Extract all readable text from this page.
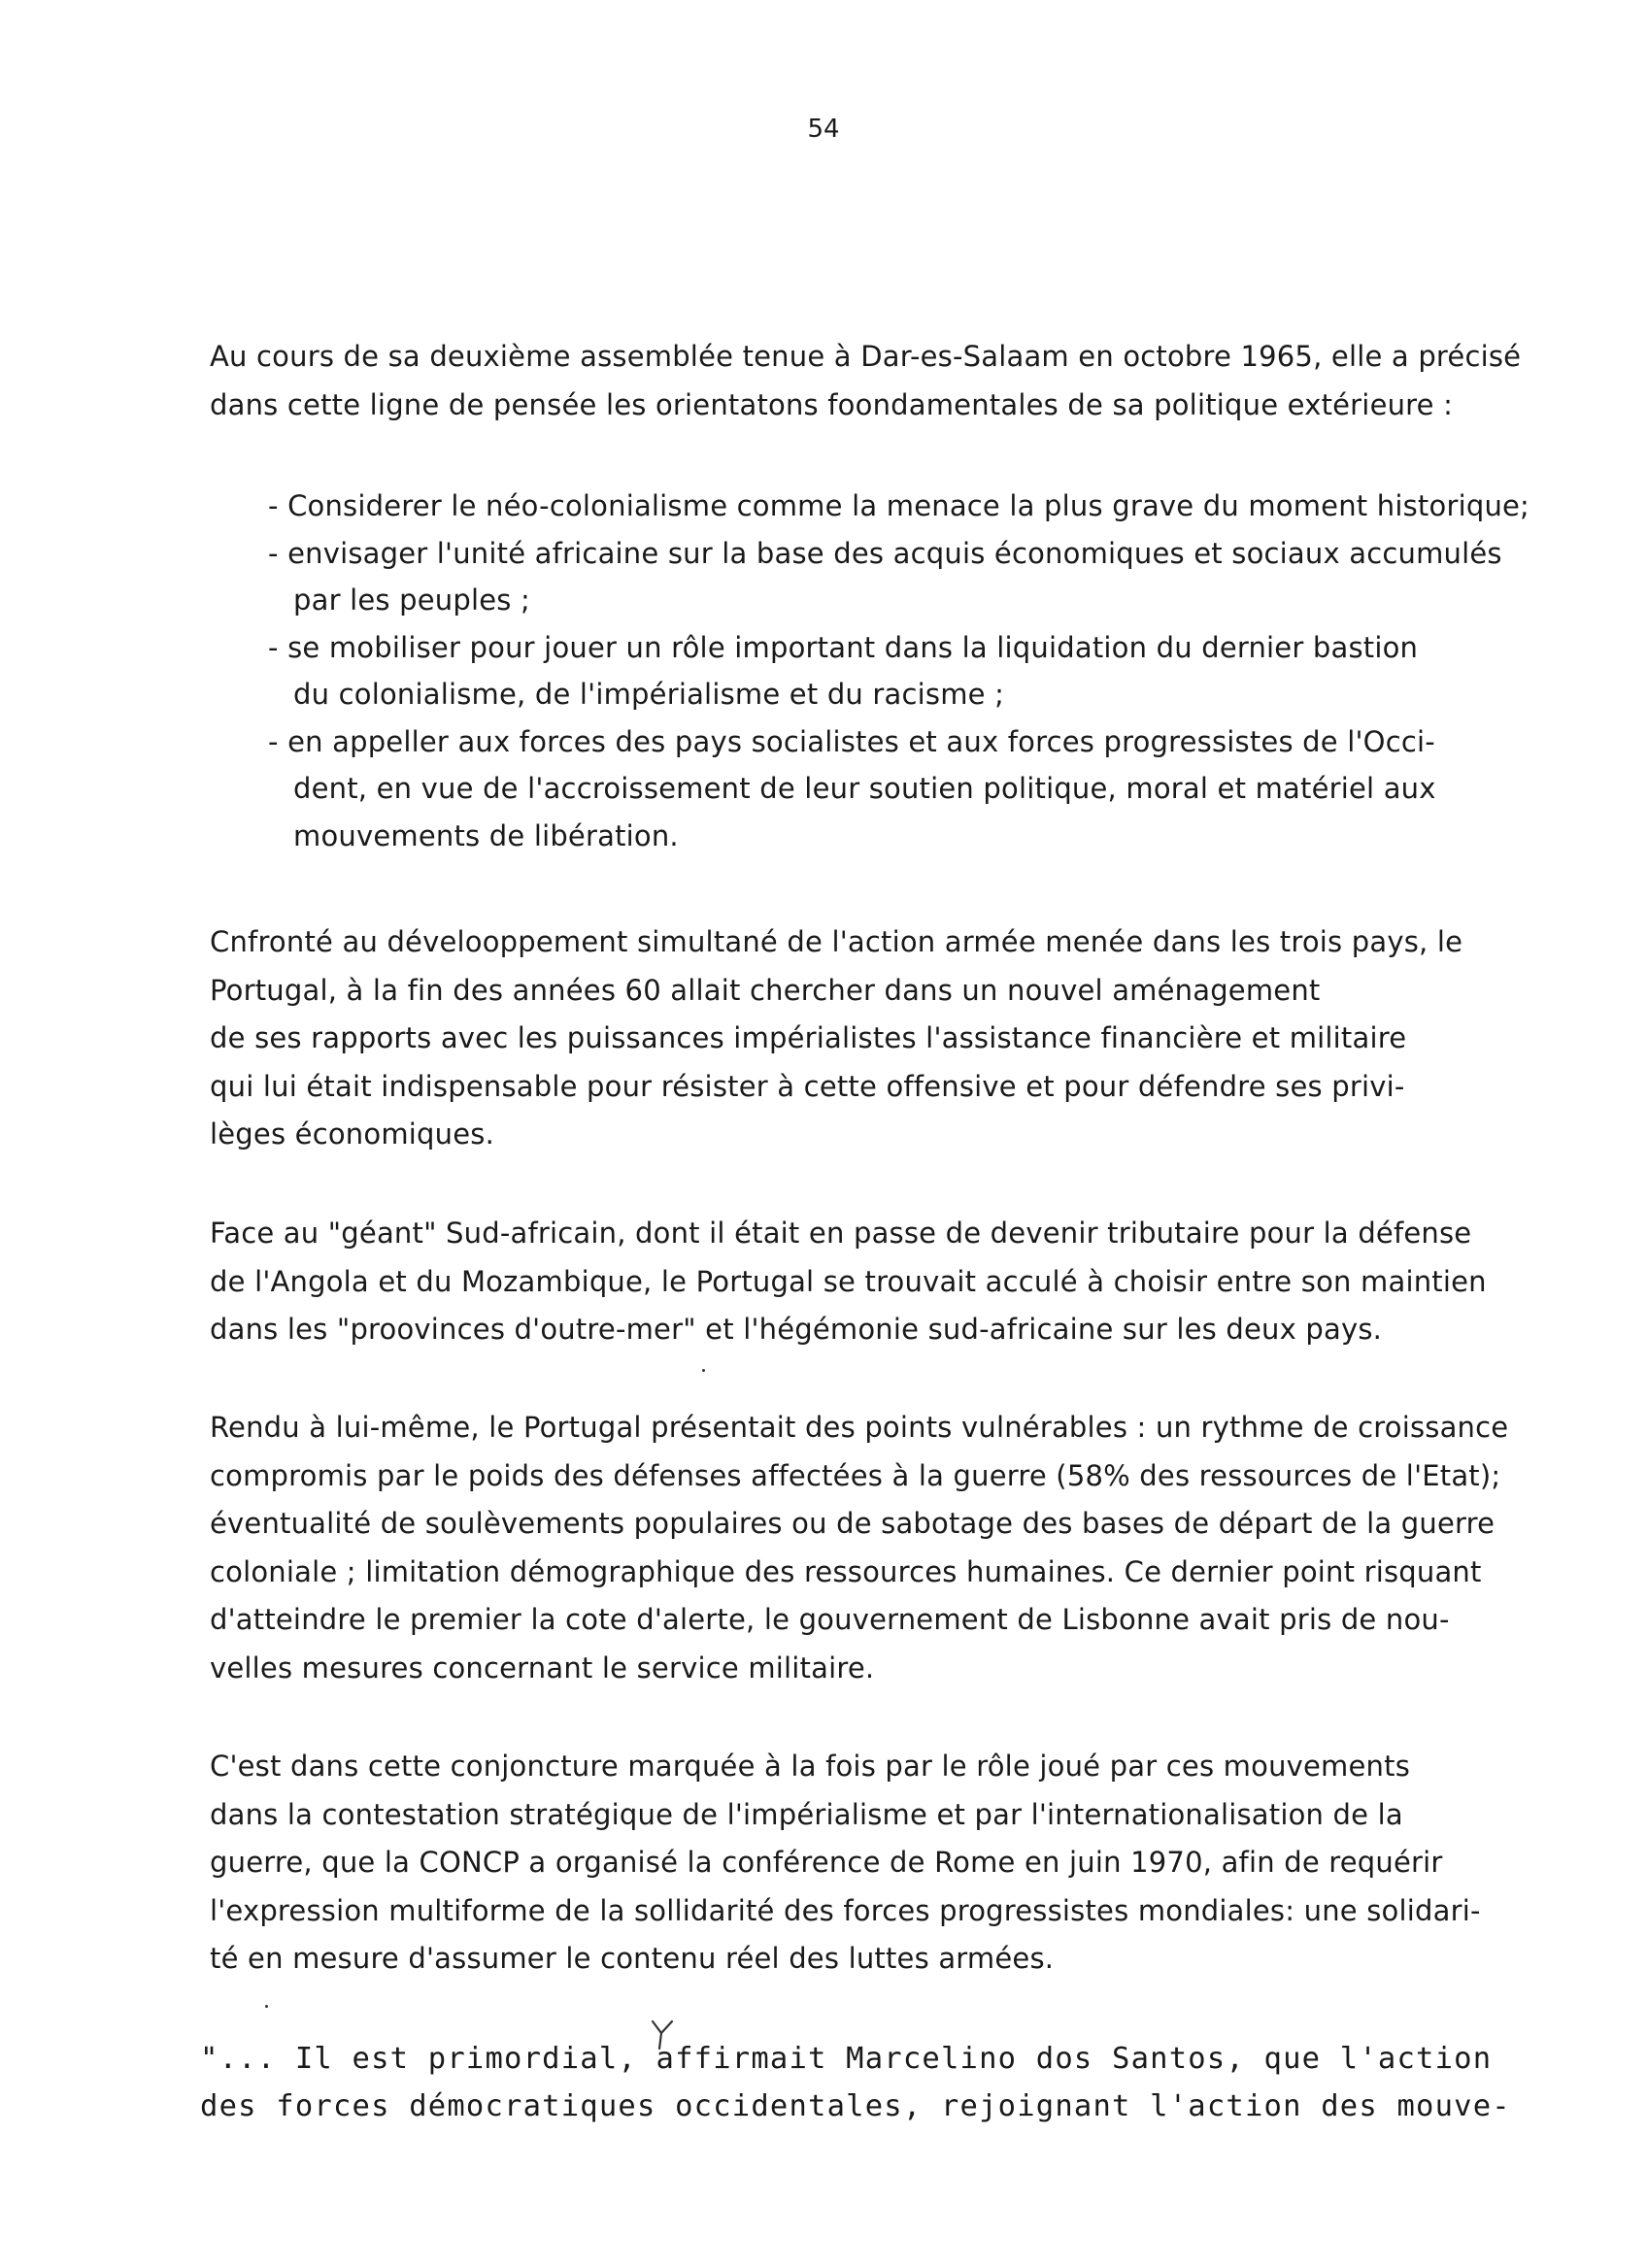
54

Au cours de sa deuxième assemblée tenue à Dar-es-Salaam en octobre 1965, elle a précisé
dans cette ligne de pensée les orientatons foondamentales de sa politique extérieure :

- Considerer le néo-colonialisme comme la menace la plus grave du moment historique;
- envisager l'unité africaine sur la base des acquis économiques et sociaux accumulés
par les peuples ;
- se mobiliser pour jouer un rôle important dans la liquidation du dernier bastion
du colonialisme, de l'impérialisme et du racisme ;
- en appeller aux forces des pays socialistes et aux forces progressistes de l'Occi-
dent, en vue de l'accroissement de leur soutien politique, moral et matériel aux
mouvements de libération.

Cnfronté au dévelooppement simultané de l'action armée menée dans les trois pays, le
Portugal, à la fin des années 60 allait chercher dans un nouvel aménagement
de ses rapports avec les puissances impérialistes l'assistance financière et militaire
qui lui était indispensable pour résister à cette offensive et pour défendre ses privi-
lèges économiques.

Face au "géant" Sud-africain, dont il était en passe de devenir tributaire pour la défense
de l'Angola et du Mozambique, le Portugal se trouvait acculé à choisir entre son maintien
dans les "proovinces d'outre-mer" et l'hégémonie sud-africaine sur les deux pays.

Rendu à lui-même, le Portugal présentait des points vulnérables : un rythme de croissance
compromis par le poids des défenses affectées à la guerre (58% des ressources de l'Etat);
éventualité de soulèvements populaires ou de sabotage des bases de départ de la guerre
coloniale ; limitation démographique des ressources humaines. Ce dernier point risquant
d'atteindre le premier la cote d'alerte, le gouvernement de Lisbonne avait pris de nou-
velles mesures concernant le service militaire.

C'est dans cette conjoncture marquée à la fois par le rôle joué par ces mouvements
dans la contestation stratégique de l'impérialisme et par l'internationalisation de la
guerre, que la CONCP a organisé la conférence de Rome en juin 1970, afin de requérir
l'expression multiforme de la sollidarité des forces progressistes mondiales: une solidari-
té en mesure d'assumer le contenu réel des luttes armées.

"... Il est primordial, affirmait Marcelino dos Santos, que l'action des forces démocratiques occidentales, rejoignant l'action des mouve-
